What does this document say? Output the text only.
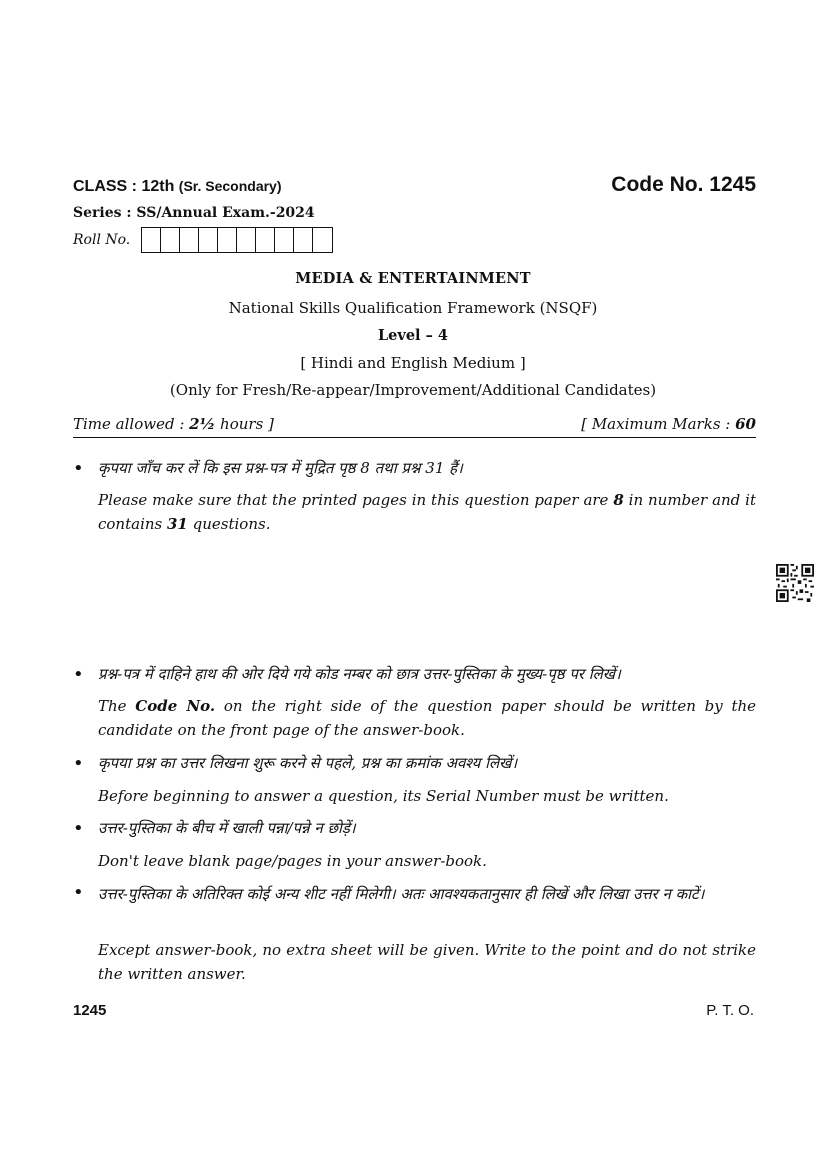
CLASS : 12th (Sr. Secondary)	Code No. 1245
Series : SS/Annual Exam.-2024
Roll No.
MEDIA & ENTERTAINMENT
National Skills Qualification Framework (NSQF)
Level – 4
[ Hindi and English Medium ]
(Only for Fresh/Re-appear/Improvement/Additional Candidates)
Time allowed : 2½ hours ]	[ Maximum Marks : 60
• कृपया जाँच कर लें कि इस प्रश्न-पत्र में मुद्रित पृष्ठ 8 तथा प्रश्न 31 हैं।
Please make sure that the printed pages in this question paper are 8 in number and it contains 31 questions.
• प्रश्न-पत्र में दाहिने हाथ की ओर दिये गये कोड नम्बर को छात्र उत्तर-पुस्तिका के मुख्य-पृष्ठ पर लिखें।
The Code No. on the right side of the question paper should be written by the candidate on the front page of the answer-book.
• कृपया प्रश्न का उत्तर लिखना शुरू करने से पहले, प्रश्न का क्रमांक अवश्य लिखें।
Before beginning to answer a question, its Serial Number must be written.
• उत्तर-पुस्तिका के बीच में खाली पन्ना/पन्ने न छोड़ें।
Don't leave blank page/pages in your answer-book.
• उत्तर-पुस्तिका के अतिरिक्त कोई अन्य शीट नहीं मिलेगी। अतः आवश्यकतानुसार ही लिखें और लिखा उत्तर न काटें।
Except answer-book, no extra sheet will be given. Write to the point and do not strike the written answer.
1245	P. T. O.
